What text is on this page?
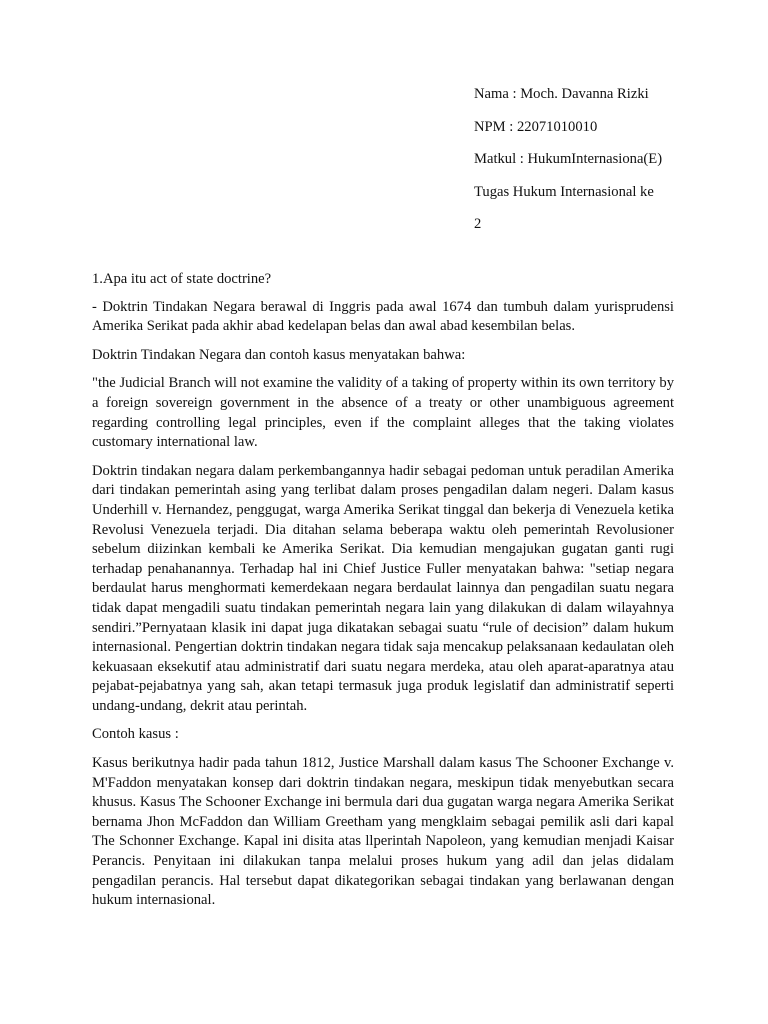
Nama : Moch. Davanna Rizki
NPM : 22071010010
Matkul : HukumInternasiona(E)
Tugas Hukum Internasional ke
2

1.Apa itu act of state doctrine?

- Doktrin Tindakan Negara berawal di Inggris pada awal 1674 dan tumbuh dalam yurisprudensi Amerika Serikat pada akhir abad kedelapan belas dan awal abad kesembilan belas.

Doktrin Tindakan Negara dan contoh kasus menyatakan bahwa:

"the Judicial Branch will not examine the validity of a taking of property within its own territory by a foreign sovereign government in the absence of a treaty or other unambiguous agreement regarding controlling legal principles, even if the complaint alleges that the taking violates customary international law.

Doktrin tindakan negara dalam perkembangannya hadir sebagai pedoman untuk peradilan Amerika dari tindakan pemerintah asing yang terlibat dalam proses pengadilan dalam negeri. Dalam kasus Underhill v. Hernandez, penggugat, warga Amerika Serikat tinggal dan bekerja di Venezuela ketika Revolusi Venezuela terjadi. Dia ditahan selama beberapa waktu oleh pemerintah Revolusioner sebelum diizinkan kembali ke Amerika Serikat. Dia kemudian mengajukan gugatan ganti rugi terhadap penahanannya. Terhadap hal ini Chief Justice Fuller menyatakan bahwa: "setiap negara berdaulat harus menghormati kemerdekaan negara berdaulat lainnya dan pengadilan suatu negara tidak dapat mengadili suatu tindakan pemerintah negara lain yang dilakukan di dalam wilayahnya sendiri.”Pernyataan klasik ini dapat juga dikatakan sebagai suatu “rule of decision” dalam hukum internasional. Pengertian doktrin tindakan negara tidak saja mencakup pelaksanaan kedaulatan oleh kekuasaan eksekutif atau administratif dari suatu negara merdeka, atau oleh aparat-aparatnya atau pejabat-pejabatnya yang sah, akan tetapi termasuk juga produk legislatif dan administratif seperti undang-undang, dekrit atau perintah.

Contoh kasus :

Kasus berikutnya hadir pada tahun 1812, Justice Marshall dalam kasus The Schooner Exchange v. M'Faddon menyatakan konsep dari doktrin tindakan negara, meskipun tidak menyebutkan secara khusus. Kasus The Schooner Exchange ini bermula dari dua gugatan warga negara Amerika Serikat bernama Jhon McFaddon dan William Greetham yang mengklaim sebagai pemilik asli dari kapal The Schonner Exchange. Kapal ini disita atas llperintah Napoleon, yang kemudian menjadi Kaisar Perancis. Penyitaan ini dilakukan tanpa melalui proses hukum yang adil dan jelas didalam pengadilan perancis. Hal tersebut dapat dikategorikan sebagai tindakan yang berlawanan dengan hukum internasional.
